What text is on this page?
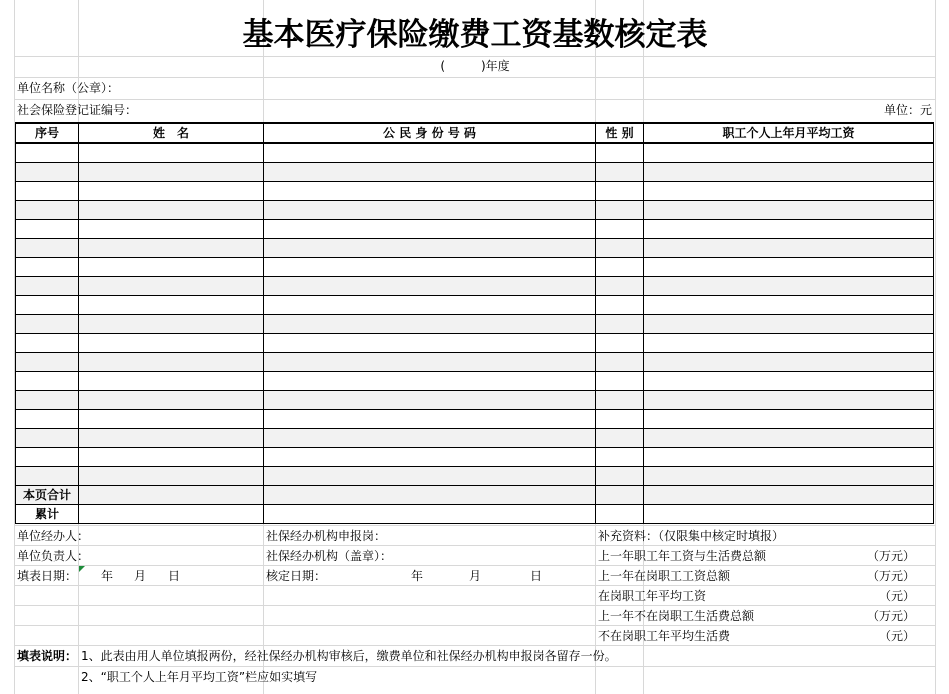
基本医疗保险缴费工资基数核定表
(　　　)年度
单位名称（公章）：
社会保险登记证编号：	单位：元
序号	姓　名	公 民 身 份 号 码	性 别	职工个人上年月平均工资

本页合计				
累计				
单位经办人：
单位负责人：
填表日期： 年 月 日
社保经办机构申报岗：
社保经办机构（盖章）：
核定日期：	年	月	日
补充资料：（仅限集中核定时填报）
上一年职工年工资与生活费总额	（万元）
上一年在岗职工工资总额	（万元）
在岗职工年平均工资	（元）
上一年不在岗职工生活费总额	（万元）
不在岗职工年平均生活费	（元）
填表说明： 1、此表由用人单位填报两份，经社保经办机构审核后，缴费单位和社保经办机构申报岗各留存一份。
2、“职工个人上年月平均工资”栏应如实填写
